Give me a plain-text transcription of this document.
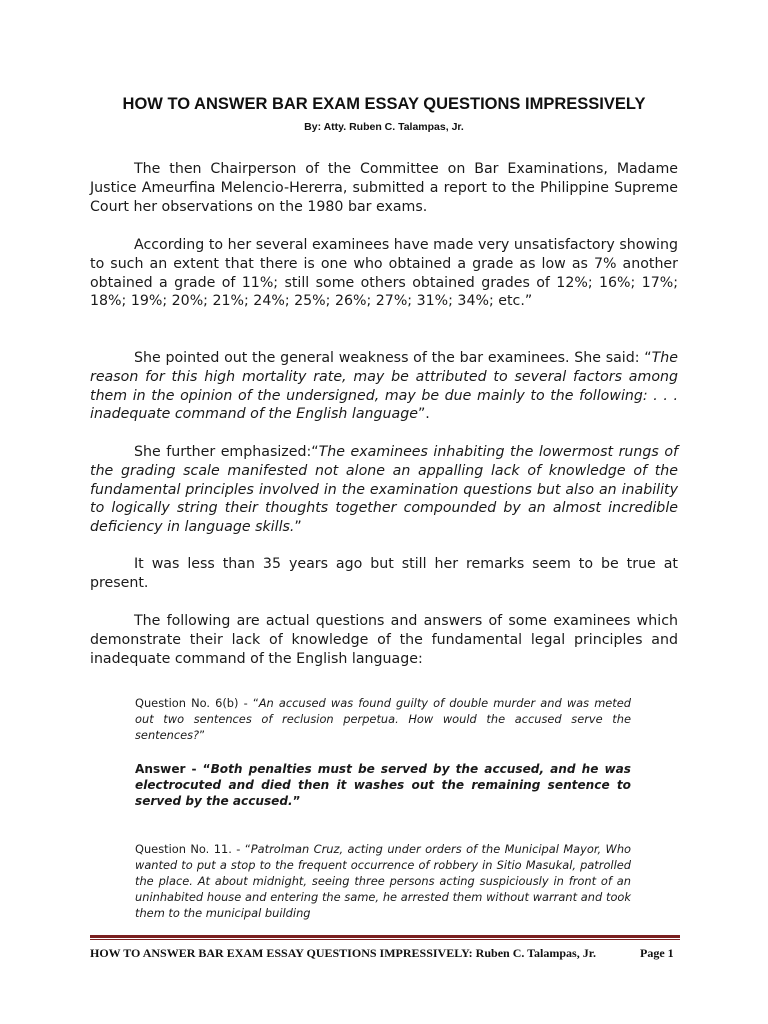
HOW TO ANSWER BAR EXAM ESSAY QUESTIONS IMPRESSIVELY
By: Atty. Ruben C. Talampas, Jr.

The then Chairperson of the Committee on Bar Examinations, Madame Justice Ameurfina Melencio-Hererra, submitted a report to the Philippine Supreme Court her observations on the 1980 bar exams.

According to her several examinees have made very unsatisfactory showing to such an extent that there is one who obtained a grade as low as 7% another obtained a grade of 11%; still some others obtained grades of 12%; 16%; 17%; 18%; 19%; 20%; 21%; 24%; 25%; 26%; 27%; 31%; 34%; etc.”

She pointed out the general weakness of the bar examinees. She said: “The reason for this high mortality rate, may be attributed to several factors among them in the opinion of the undersigned, may be due mainly to the following: . . . inadequate command of the English language”.

She further emphasized:“The examinees inhabiting the lowermost rungs of the grading scale manifested not alone an appalling lack of knowledge of the fundamental principles involved in the examination questions but also an inability to logically string their thoughts together compounded by an almost incredible deficiency in language skills.”

It was less than 35 years ago but still her remarks seem to be true at present.

The following are actual questions and answers of some examinees which demonstrate their lack of knowledge of the fundamental legal principles and inadequate command of the English language:

Question No. 6(b) - “An accused was found guilty of double murder and was meted out two sentences of reclusion perpetua. How would the accused serve the sentences?”

Answer - “Both penalties must be served by the accused, and he was electrocuted and died then it washes out the remaining sentence to served by the accused.”

Question No. 11. - “Patrolman Cruz, acting under orders of the Municipal Mayor, Who wanted to put a stop to the frequent occurrence of robbery in Sitio Masukal, patrolled the place. At about midnight, seeing three persons acting suspiciously in front of an uninhabited house and entering the same, he arrested them without warrant and took them to the municipal building

HOW TO ANSWER BAR EXAM ESSAY QUESTIONS IMPRESSIVELY: Ruben C. Talampas, Jr.	Page 1
